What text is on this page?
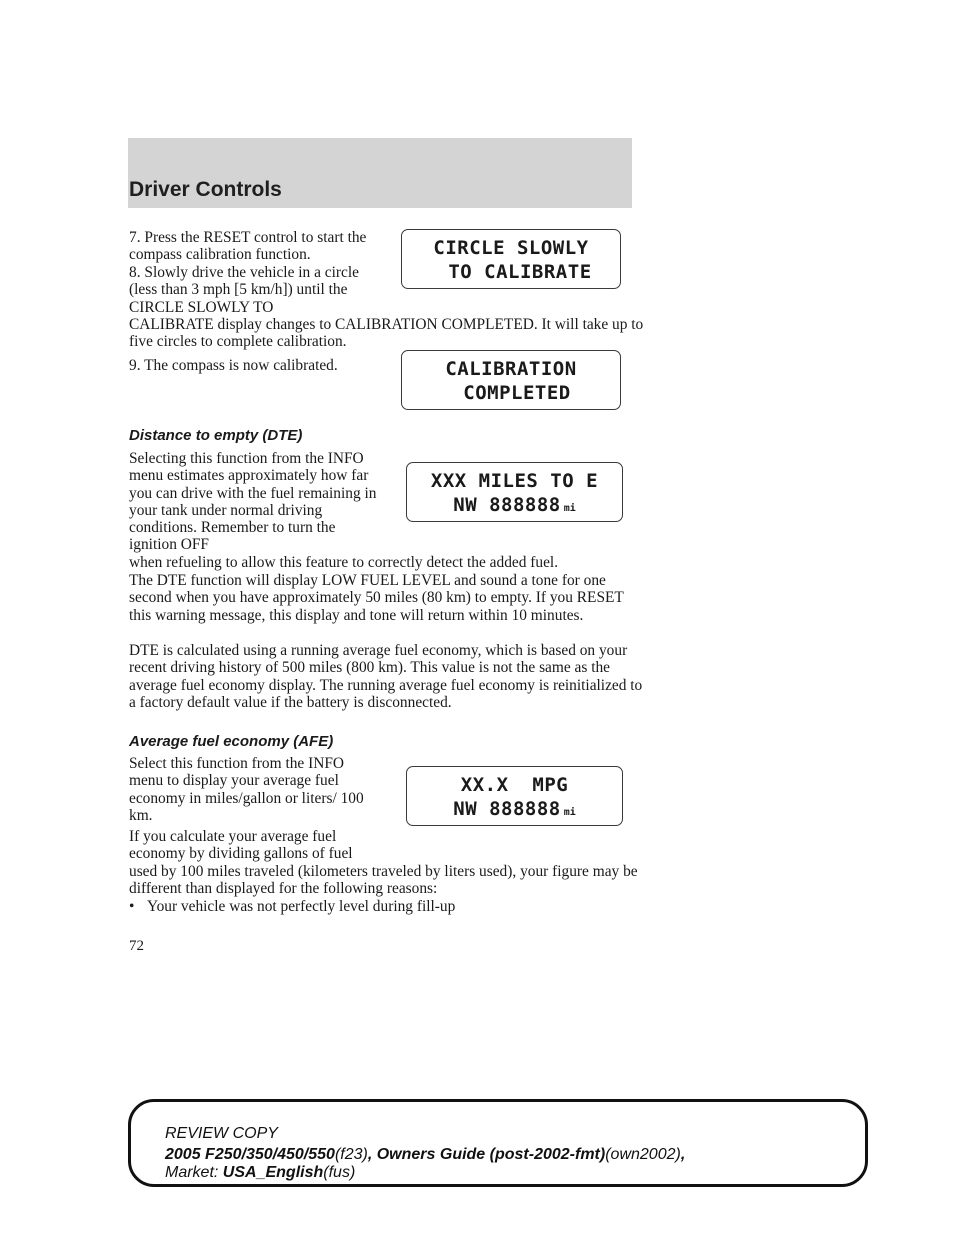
Driver Controls

7. Press the RESET control to start the compass calibration function.	CIRCLE SLOWLY
TO CALIBRATE

8. Slowly drive the vehicle in a circle (less than 3 mph [5 km/h]) until the CIRCLE SLOWLY TO

CALIBRATE display changes to CALIBRATION COMPLETED. It will take up to five circles to complete calibration.

9. The compass is now calibrated.	CALIBRATION
COMPLETED

Distance to empty (DTE)

Selecting this function from the INFO menu estimates approximately how far you can drive with the fuel remaining in your tank under normal driving conditions. Remember to turn the ignition OFF

when refueling to allow this feature to correctly detect the added fuel.

XXX MILES TO E
NW 888888 mi

The DTE function will display LOW FUEL LEVEL and sound a tone for one second when you have approximately 50 miles (80 km) to empty. If you RESET this warning message, this display and tone will return within 10 minutes.

DTE is calculated using a running average fuel economy, which is based on your recent driving history of 500 miles (800 km). This value is not the same as the average fuel economy display. The running average fuel economy is reinitialized to a factory default value if the battery is disconnected.

Average fuel economy (AFE)

Select this function from the INFO menu to display your average fuel economy in miles/gallon or liters/ 100 km.

XX.X  MPG
NW 888888 mi

If you calculate your average fuel economy by dividing gallons of fuel

used by 100 miles traveled (kilometers traveled by liters used), your figure may be different than displayed for the following reasons:

• Your vehicle was not perfectly level during fill-up

72
REVIEW COPY
2005 F250/350/450/550(f23), Owners Guide (post-2002-fmt)(own2002),
Market: USA_English(fus)
